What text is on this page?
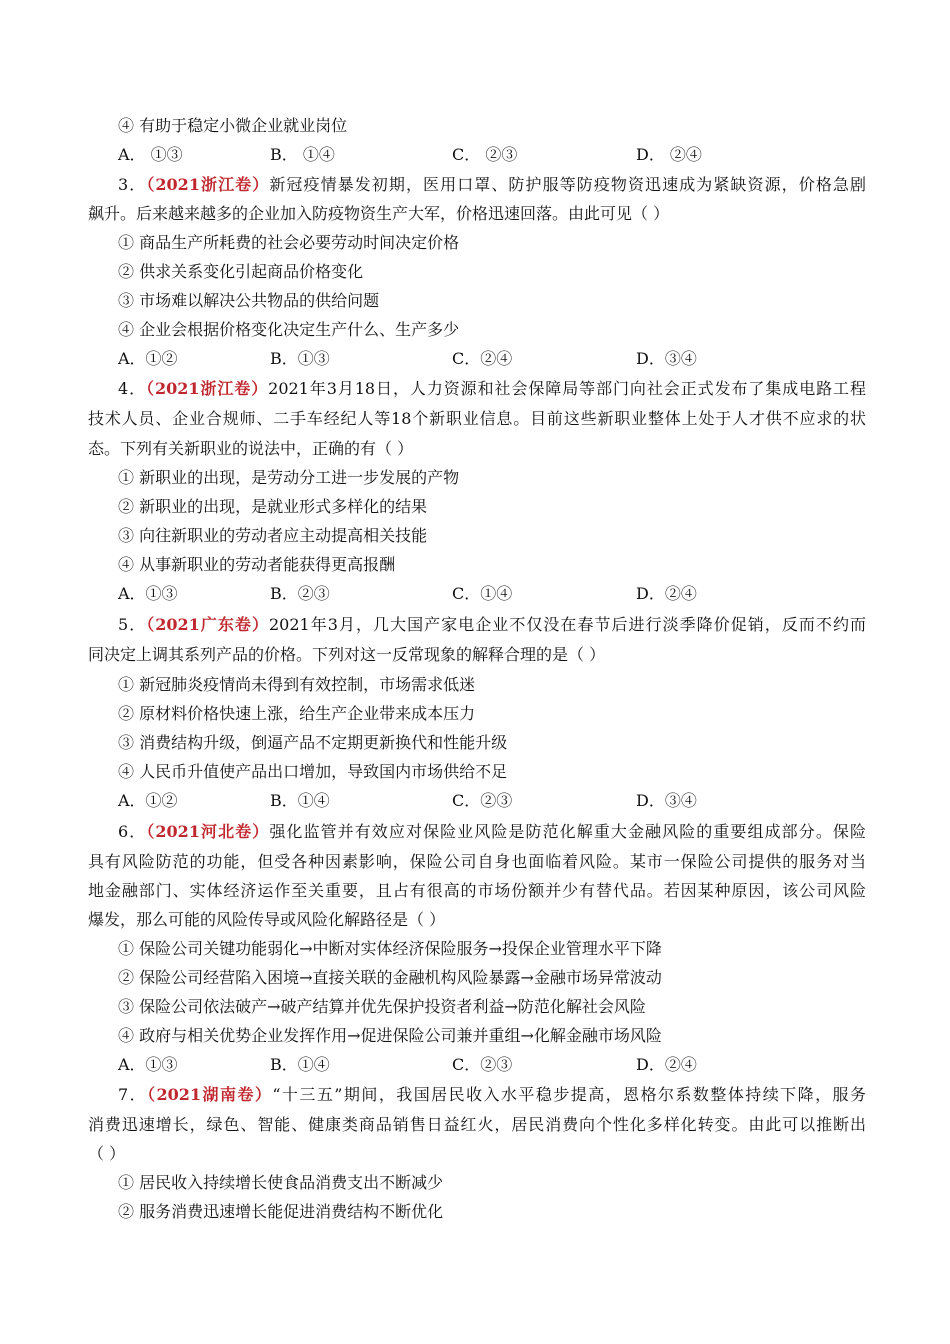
④ 有助于稳定小微企业就业岗位
A． ①③	B． ①④	C． ②③	D． ②④
3．（2021浙江卷）新冠疫情暴发初期，医用口罩、防护服等防疫物资迅速成为紧缺资源，价格急剧
飙升。后来越来越多的企业加入防疫物资生产大军，价格迅速回落。由此可见（ ）
① 商品生产所耗费的社会必要劳动时间决定价格
② 供求关系变化引起商品价格变化
③ 市场难以解决公共物品的供给问题
④ 企业会根据价格变化决定生产什么、生产多少
A．①②	B．①③	C．②④	D．③④
4．（2021浙江卷）2021年3月18日，人力资源和社会保障局等部门向社会正式发布了集成电路工程
技术人员、企业合规师、二手车经纪人等18个新职业信息。目前这些新职业整体上处于人才供不应求的状
态。下列有关新职业的说法中，正确的有（ ）
① 新职业的出现，是劳动分工进一步发展的产物
② 新职业的出现，是就业形式多样化的结果
③ 向往新职业的劳动者应主动提高相关技能
④ 从事新职业的劳动者能获得更高报酬
A．①③	B．②③	C．①④	D．②④
5．（2021广东卷）2021年3月，几大国产家电企业不仅没在春节后进行淡季降价促销，反而不约而
同决定上调其系列产品的价格。下列对这一反常现象的解释合理的是（ ）
① 新冠肺炎疫情尚未得到有效控制，市场需求低迷
② 原材料价格快速上涨，给生产企业带来成本压力
③ 消费结构升级，倒逼产品不定期更新换代和性能升级
④ 人民币升值使产品出口增加，导致国内市场供给不足
A．①②	B．①④	C．②③	D．③④
6．（2021河北卷）强化监管并有效应对保险业风险是防范化解重大金融风险的重要组成部分。保险
具有风险防范的功能，但受各种因素影响，保险公司自身也面临着风险。某市一保险公司提供的服务对当
地金融部门、实体经济运作至关重要，且占有很高的市场份额并少有替代品。若因某种原因，该公司风险
爆发，那么可能的风险传导或风险化解路径是（ ）
① 保险公司关键功能弱化→中断对实体经济保险服务→投保企业管理水平下降
② 保险公司经营陷入困境→直接关联的金融机构风险暴露→金融市场异常波动
③ 保险公司依法破产→破产结算并优先保护投资者利益→防范化解社会风险
④ 政府与相关优势企业发挥作用→促进保险公司兼并重组→化解金融市场风险
A．①③	B．①④	C．②③	D．②④
7．（2021湖南卷）“十三五”期间，我国居民收入水平稳步提高，恩格尔系数整体持续下降，服务
消费迅速增长，绿色、智能、健康类商品销售日益红火，居民消费向个性化多样化转变。由此可以推断出
（ ）
① 居民收入持续增长使食品消费支出不断减少
② 服务消费迅速增长能促进消费结构不断优化
